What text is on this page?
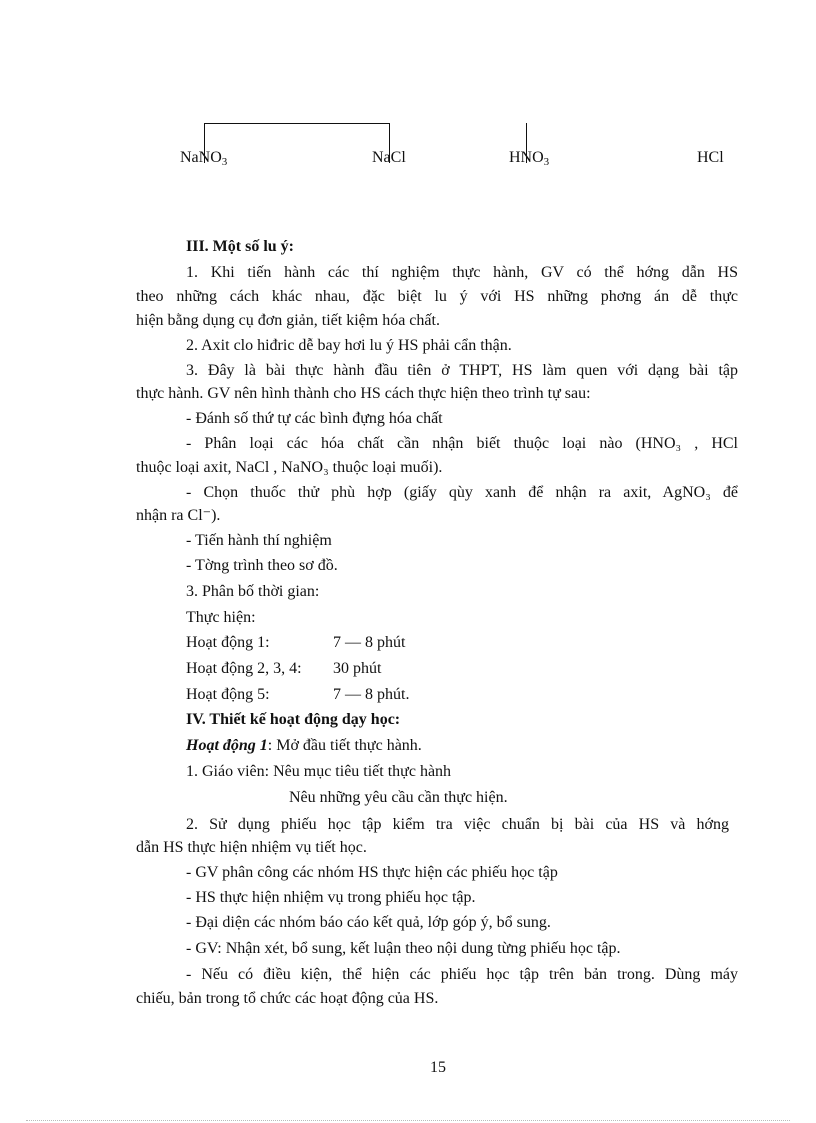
NaNO3	NaCl	HNO3	HCl
III. Một số lu ý:
1. Khi tiến hành các thí nghiệm thực hành, GV có thể hớng dẫn HS
theo những cách khác nhau, đặc biệt lu ý với HS những phơng án dễ thực
hiện bằng dụng cụ đơn giản, tiết kiệm hóa chất.
2. Axit clo hiđric dễ bay hơi lu ý HS phải cẩn thận.
3. Đây là bài thực hành đầu tiên ở THPT, HS làm quen với dạng bài tập
thực hành. GV nên hình thành cho HS cách thực hiện theo trình tự sau:
- Đánh số thứ tự các bình đựng hóa chất
- Phân loại các hóa chất cần nhận biết thuộc loại nào (HNO₃ , HCl
thuộc loại axit, NaCl , NaNO₃ thuộc loại muối).
- Chọn thuốc thử phù hợp (giấy qùy xanh để nhận ra axit, AgNO₃ để
nhận ra Cl⁻).
- Tiến hành thí nghiệm
- Tờng trình theo sơ đồ.
3. Phân bố thời gian:
Thực hiện:
Hoạt động 1:	7 — 8 phút
Hoạt động 2, 3, 4: 30 phút
Hoạt động 5:	7 — 8 phút.
IV. Thiết kế hoạt động dạy học:
Hoạt động 1: Mở đầu tiết thực hành.
1. Giáo viên: Nêu mục tiêu tiết thực hành
Nêu những yêu cầu cần thực hiện.
2. Sử dụng phiếu học tập kiểm tra việc chuẩn bị bài của HS và hớng
dẫn HS thực hiện nhiệm vụ tiết học.
- GV phân công các nhóm HS thực hiện các phiếu học tập
- HS thực hiện nhiệm vụ trong phiếu học tập.
- Đại diện các nhóm báo cáo kết quả, lớp góp ý, bổ sung.
- GV: Nhận xét, bổ sung, kết luận theo nội dung từng phiếu học tập.
- Nếu có điều kiện, thể hiện các phiếu học tập trên bản trong. Dùng máy
chiếu, bản trong tổ chức các hoạt động của HS.
15
